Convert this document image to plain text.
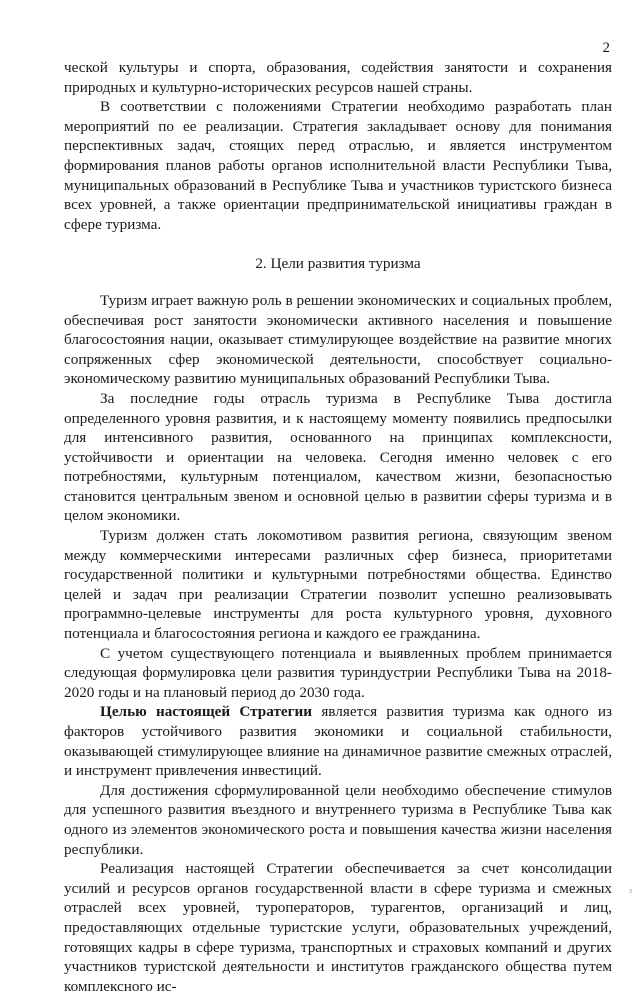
2

ческой культуры и спорта, образования, содействия занятости и сохранения природных и культурно-исторических ресурсов нашей страны.

В соответствии с положениями Стратегии необходимо разработать план мероприятий по ее реализации. Стратегия закладывает основу для понимания перспективных задач, стоящих перед отраслью, и является инструментом формирования планов работы органов исполнительной власти Республики Тыва, муниципальных образований в Республике Тыва и участников туристского бизнеса всех уровней, а также ориентации предпринимательской инициативы граждан в сфере туризма.

2. Цели развития туризма

Туризм играет важную роль в решении экономических и социальных проблем, обеспечивая рост занятости экономически активного населения и повышение благосостояния нации, оказывает стимулирующее воздействие на развитие многих сопряженных сфер экономической деятельности, способствует социально-экономическому развитию муниципальных образований Республики Тыва.

За последние годы отрасль туризма в Республике Тыва достигла определенного уровня развития, и к настоящему моменту появились предпосылки для интенсивного развития, основанного на принципах комплексности, устойчивости и ориентации на человека. Сегодня именно человек с его потребностями, культурным потенциалом, качеством жизни, безопасностью становится центральным звеном и основной целью в развитии сферы туризма и в целом экономики.

Туризм должен стать локомотивом развития региона, связующим звеном между коммерческими интересами различных сфер бизнеса, приоритетами государственной политики и культурными потребностями общества. Единство целей и задач при реализации Стратегии позволит успешно реализовывать программно-целевые инструменты для роста культурного уровня, духовного потенциала и благосостояния региона и каждого ее гражданина.

С учетом существующего потенциала и выявленных проблем принимается следующая формулировка цели развития туриндустрии Республики Тыва на 2018-2020 годы и на плановый период до 2030 года.

Целью настоящей Стратегии является развития туризма как одного из факторов устойчивого развития экономики и социальной стабильности, оказывающей стимулирующее влияние на динамичное развитие смежных отраслей, и инструмент привлечения инвестиций.

Для достижения сформулированной цели необходимо обеспечение стимулов для успешного развития въездного и внутреннего туризма в Республике Тыва как одного из элементов экономического роста и повышения качества жизни населения республики.

Реализация настоящей Стратегии обеспечивается за счет консолидации усилий и ресурсов органов государственной власти в сфере туризма и смежных отраслей всех уровней, туроператоров, турагентов, организаций и лиц, предоставляющих отдельные туристские услуги, образовательных учреждений, готовящих кадры в сфере туризма, транспортных и страховых компаний и других участников туристской деятельности и институтов гражданского общества путем комплексного ис-

²
